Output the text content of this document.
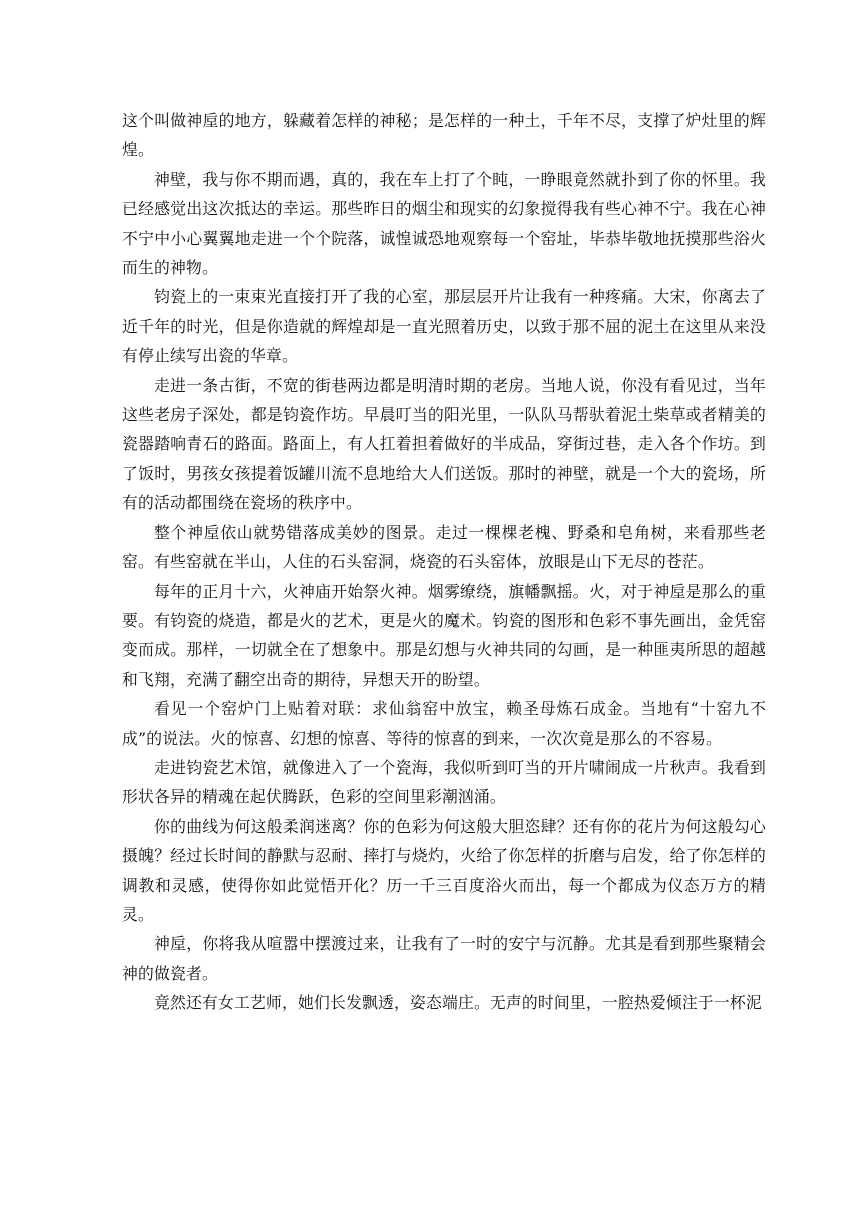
这个叫做神垕的地方，躲藏着怎样的神秘；是怎样的一种土，千年不尽，支撑了炉灶里的辉煌。

神壁，我与你不期而遇，真的，我在车上打了个盹，一睁眼竟然就扑到了你的怀里。我已经感觉出这次抵达的幸运。那些昨日的烟尘和现实的幻象搅得我有些心神不宁。我在心神不宁中小心翼翼地走进一个个院落，诚惶诚恐地观察每一个窑址，毕恭毕敬地抚摸那些浴火而生的神物。

钧瓷上的一束束光直接打开了我的心室，那层层开片让我有一种疼痛。大宋，你离去了近千年的时光，但是你造就的辉煌却是一直光照着历史，以致于那不屈的泥土在这里从来没有停止续写出瓷的华章。

走进一条古街，不宽的街巷两边都是明清时期的老房。当地人说，你没有看见过，当年这些老房子深处，都是钧瓷作坊。早晨叮当的阳光里，一队队马帮驮着泥土柴草或者精美的瓷器踏响青石的路面。路面上，有人扛着担着做好的半成品，穿街过巷，走入各个作坊。到了饭时，男孩女孩提着饭罐川流不息地给大人们送饭。那时的神壁，就是一个大的瓷场，所有的活动都围绕在瓷场的秩序中。

整个神垕依山就势错落成美妙的图景。走过一棵棵老槐、野桑和皂角树，来看那些老窑。有些窑就在半山，人住的石头窑洞，烧瓷的石头窑体，放眼是山下无尽的苍茫。

每年的正月十六，火神庙开始祭火神。烟雾缭绕，旗幡飘摇。火，对于神垕是那么的重要。有钧瓷的烧造，都是火的艺术，更是火的魔术。钧瓷的图形和色彩不事先画出，金凭窑变而成。那样，一切就全在了想象中。那是幻想与火神共同的勾画，是一种匪夷所思的超越和飞翔，充满了翻空出奇的期待，异想天开的盼望。

看见一个窑炉门上贴着对联：求仙翁窑中放宝，赖圣母炼石成金。当地有“十窑九不成”的说法。火的惊喜、幻想的惊喜、等待的惊喜的到来，一次次竟是那么的不容易。

走进钧瓷艺术馆，就像进入了一个瓷海，我似听到叮当的开片啸闹成一片秋声。我看到形状各异的精魂在起伏腾跃，色彩的空间里彩潮汹涌。

你的曲线为何这般柔润迷离？你的色彩为何这般大胆恣肆？还有你的花片为何这般勾心摄魄？经过长时间的静默与忍耐、摔打与烧灼，火给了你怎样的折磨与启发，给了你怎样的调教和灵感，使得你如此觉悟开化？历一千三百度浴火而出，每一个都成为仪态万方的精灵。

神垕，你将我从喧嚣中摆渡过来，让我有了一时的安宁与沉静。尤其是看到那些聚精会神的做瓷者。

竟然还有女工艺师，她们长发飘透，姿态端庄。无声的时间里，一腔热爱倾注于一杯泥
